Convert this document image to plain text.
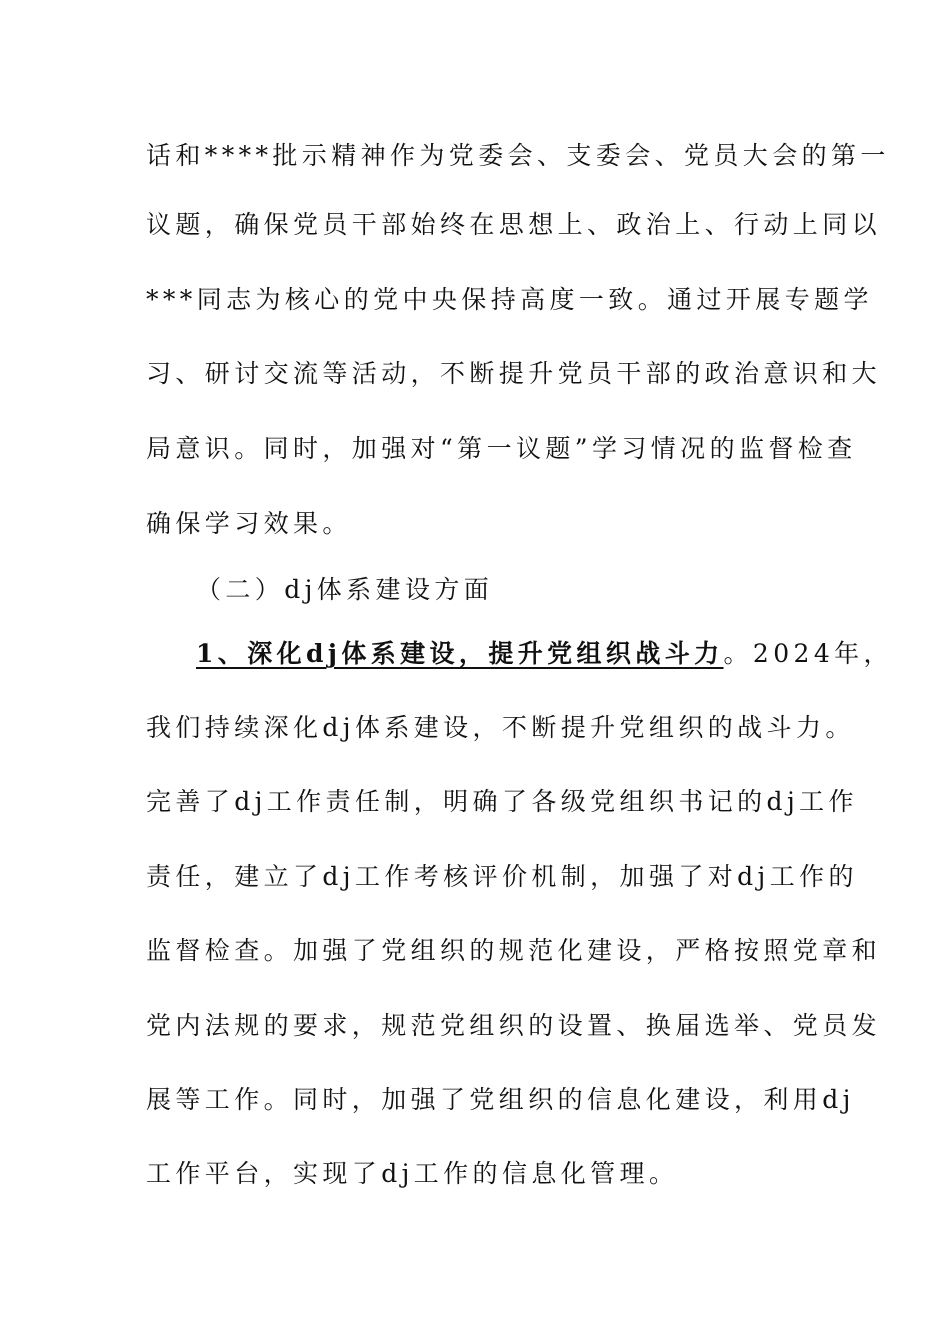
话和****批示精神作为党委会、支委会、党员大会的第一
议题，确保党员干部始终在思想上、政治上、行动上同以
***同志为核心的党中央保持高度一致。通过开展专题学
习、研讨交流等活动，不断提升党员干部的政治意识和大
局意识。同时，加强对“第一议题”学习情况的监督检查
确保学习效果。
（二）dj体系建设方面
1、深化dj体系建设，提升党组织战斗力。2024年，
我们持续深化dj体系建设，不断提升党组织的战斗力。
完善了dj工作责任制，明确了各级党组织书记的dj工作
责任，建立了dj工作考核评价机制，加强了对dj工作的
监督检查。加强了党组织的规范化建设，严格按照党章和
党内法规的要求，规范党组织的设置、换届选举、党员发
展等工作。同时，加强了党组织的信息化建设，利用dj
工作平台，实现了dj工作的信息化管理。
